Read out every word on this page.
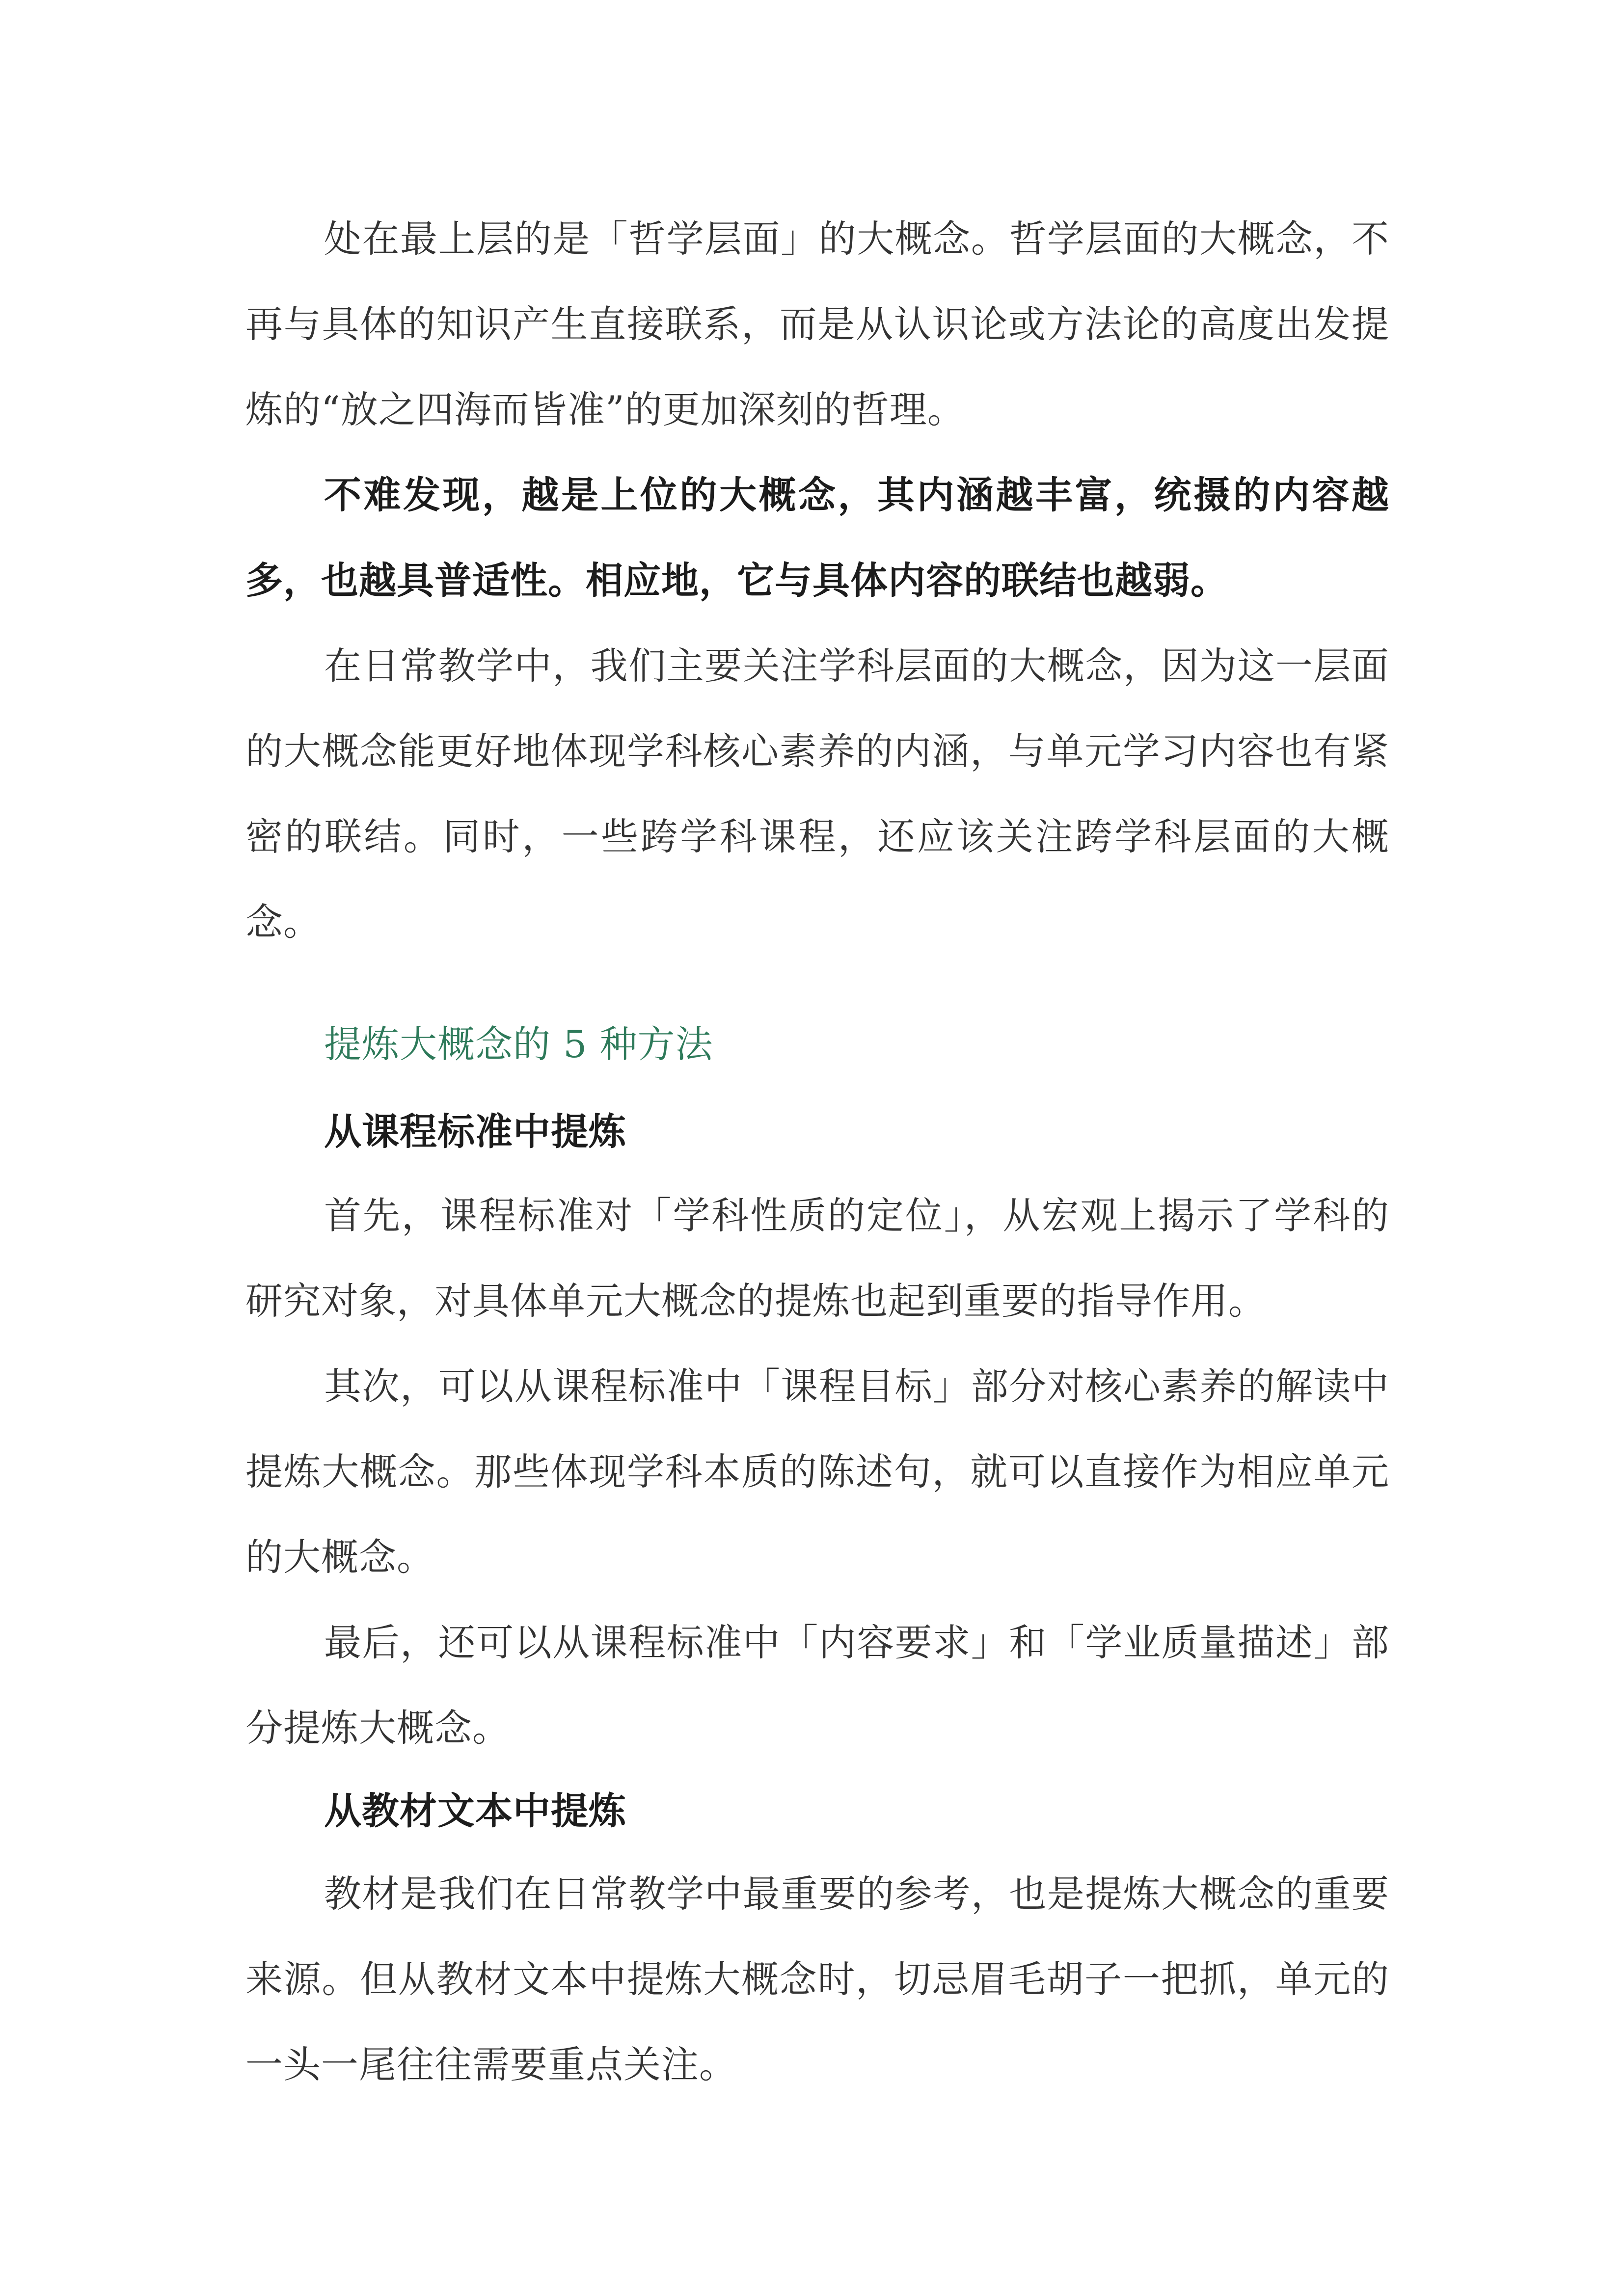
处在最上层的是「哲学层面」的大概念。哲学层面的大概念，不再与具体的知识产生直接联系，而是从认识论或方法论的高度出发提炼的“放之四海而皆准”的更加深刻的哲理。

不难发现，越是上位的大概念，其内涵越丰富，统摄的内容越多，也越具普适性。相应地，它与具体内容的联结也越弱。

在日常教学中，我们主要关注学科层面的大概念，因为这一层面的大概念能更好地体现学科核心素养的内涵，与单元学习内容也有紧密的联结。同时，一些跨学科课程，还应该关注跨学科层面的大概念。

提炼大概念的 5 种方法
从课程标准中提炼

首先，课程标准对「学科性质的定位」，从宏观上揭示了学科的研究对象，对具体单元大概念的提炼也起到重要的指导作用。

其次，可以从课程标准中「课程目标」部分对核心素养的解读中提炼大概念。那些体现学科本质的陈述句，就可以直接作为相应单元的大概念。

最后，还可以从课程标准中「内容要求」和「学业质量描述」部分提炼大概念。

从教材文本中提炼

教材是我们在日常教学中最重要的参考，也是提炼大概念的重要来源。但从教材文本中提炼大概念时，切忌眉毛胡子一把抓，单元的一头一尾往往需要重点关注。
